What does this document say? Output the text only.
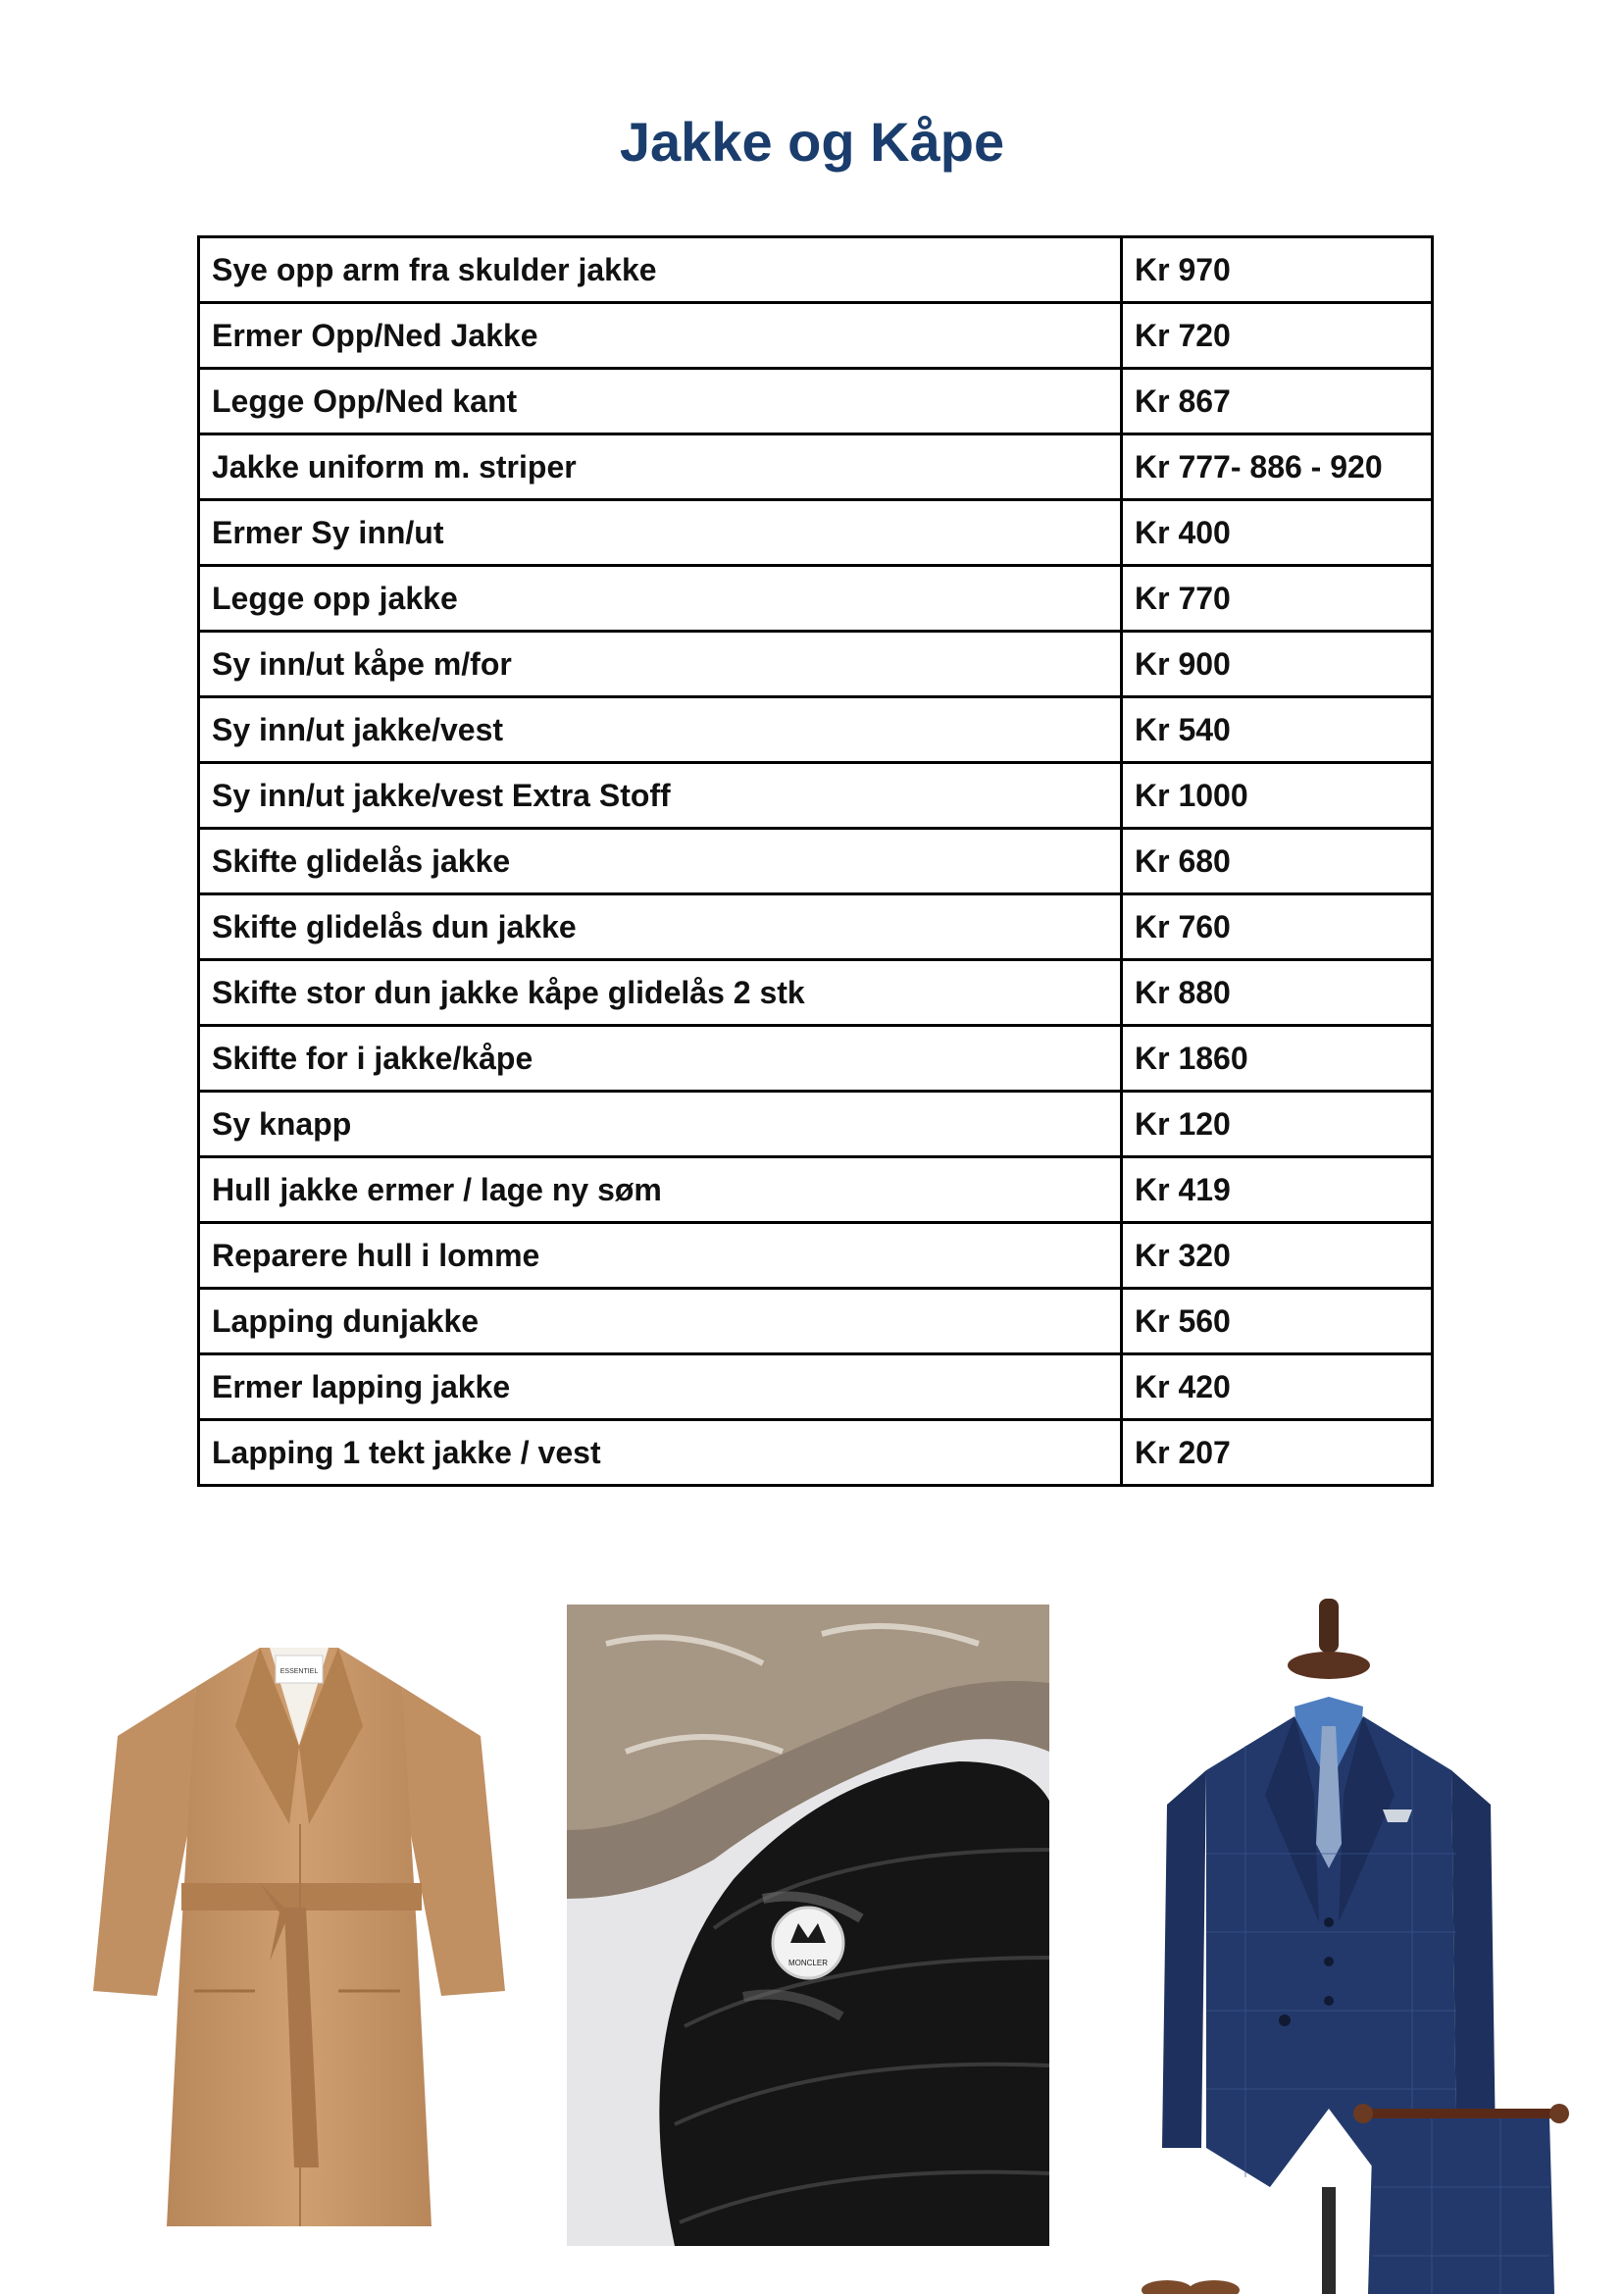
Jakke og Kåpe
Sye opp arm fra skulder jakke	Kr 970
Ermer Opp/Ned Jakke	Kr 720
Legge Opp/Ned kant	Kr 867
Jakke uniform m. striper	Kr 777- 886 - 920
Ermer Sy inn/ut	Kr 400
Legge opp jakke	Kr 770
Sy inn/ut kåpe m/for	Kr 900
Sy inn/ut jakke/vest	Kr 540
Sy inn/ut jakke/vest Extra Stoff	Kr 1000
Skifte glidelås jakke	Kr 680
Skifte glidelås dun jakke	Kr 760
Skifte stor dun jakke kåpe glidelås 2 stk	Kr 880
Skifte for i jakke/kåpe	Kr 1860
Sy knapp	Kr 120
Hull jakke ermer / lage ny søm	Kr 419
Reparere hull i lomme	Kr 320
Lapping dunjakke	Kr 560
Ermer lapping jakke	Kr 420
Lapping 1 tekt jakke / vest	Kr 207
ESSENTIEL
MONCLER
